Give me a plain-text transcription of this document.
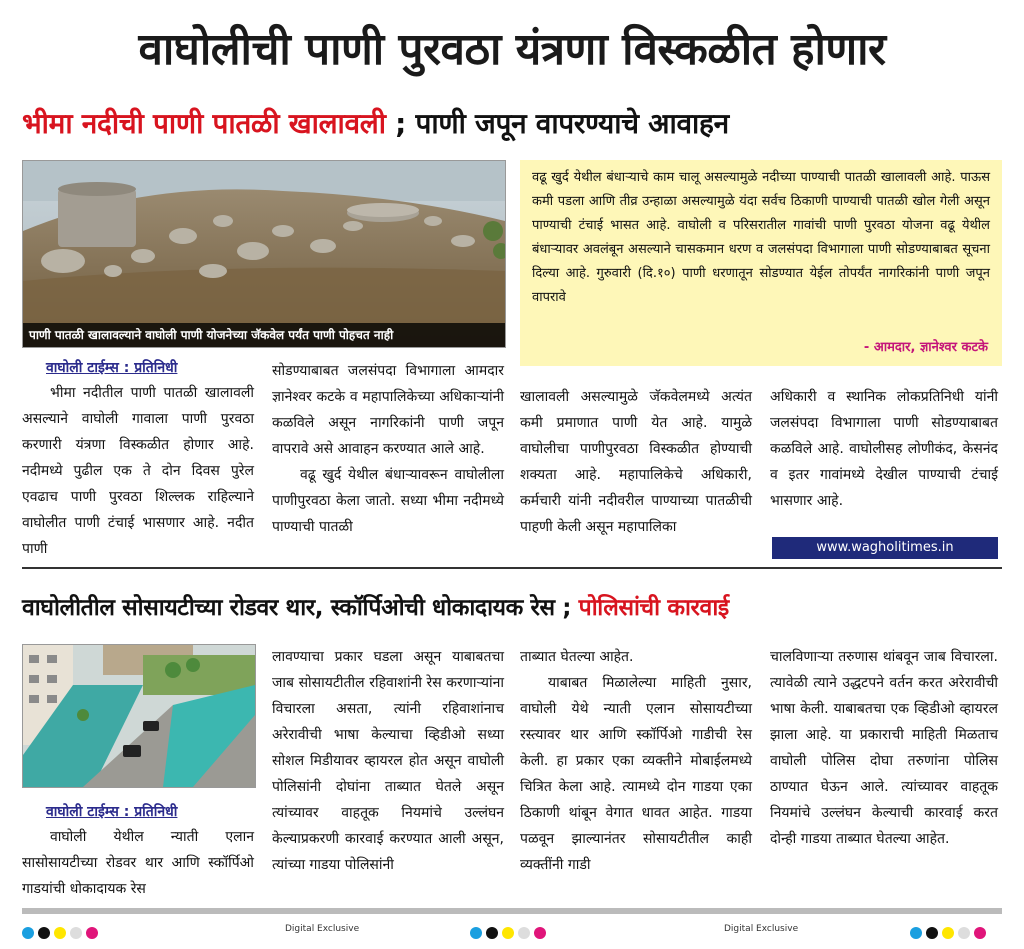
वाघोलीची पाणी पुरवठा यंत्रणा विस्कळीत होणार
भीमा नदीची पाणी पातळी खालावली ; पाणी जपून वापरण्याचे आवाहन
पाणी पातळी खालावल्याने वाघोली पाणी योजनेच्या जॅकवेल पर्यंत पाणी पोहचत नाही
वढू खुर्द येथील बंधाऱ्याचे काम चालू असल्यामुळे नदीच्या पाण्याची पातळी खालावली आहे. पाऊस कमी पडला आणि तीव्र उन्हाळा असल्यामुळे यंदा सर्वच ठिकाणी पाण्याची पातळी खोल गेली असून पाण्याची टंचाई भासत आहे. वाघोली व परिसरातील गावांची पाणी पुरवठा योजना वढू येथील बंधाऱ्यावर अवलंबून असल्याने चासकमान धरण व जलसंपदा विभागाला पाणी सोडण्याबाबत सूचना दिल्या आहे. गुरुवारी (दि.१०) पाणी धरणातून सोडण्यात येईल तोपर्यंत नागरिकांनी पाणी जपून वापरावे
- आमदार, ज्ञानेश्वर कटके
वाघोली टाईम्स : प्रतिनिधी
भीमा नदीतील पाणी पातळी खालावली असल्याने वाघोली गावाला पाणी पुरवठा करणारी यंत्रणा विस्कळीत होणार आहे. नदीमध्ये पुढील एक ते दोन दिवस पुरेल एवढाच पाणी पुरवठा शिल्लक राहिल्याने वाघोलीत पाणी टंचाई भासणार आहे. नदीत पाणी
सोडण्याबाबत जलसंपदा विभागाला आमदार ज्ञानेश्वर कटके व महापालिकेच्या अधिकाऱ्यांनी कळविले असून नागरिकांनी पाणी जपून वापरावे असे आवाहन करण्यात आले आहे.
वढू खुर्द येथील बंधाऱ्यावरून वाघोलीला पाणीपुरवठा केला जातो. सध्या भीमा नदीमध्ये पाण्याची पातळी
खालावली असल्यामुळे जॅकवेलमध्ये अत्यंत कमी प्रमाणात पाणी येत आहे. यामुळे वाघोलीचा पाणीपुरवठा विस्कळीत होण्याची शक्यता आहे. महापालिकेचे अधिकारी, कर्मचारी यांनी नदीवरील पाण्याच्या पातळीची पाहणी केली असून महापालिका
अधिकारी व स्थानिक लोकप्रतिनिधी यांनी जलसंपदा विभागाला पाणी सोडण्याबाबत कळविले आहे. वाघोलीसह लोणीकंद, केसनंद व इतर गावांमध्ये देखील पाण्याची टंचाई भासणार आहे.
www.wagholitimes.in
वाघोलीतील सोसायटीच्या रोडवर थार, स्कॉर्पिओची धोकादायक रेस ; पोलिसांची कारवाई
वाघोली टाईम्स : प्रतिनिधी
वाघोली येथील न्याती एलान सासोसायटीच्या रोडवर थार आणि स्कॉर्पिओ गाडयांची धोकादायक रेस
लावण्याचा प्रकार घडला असून याबाबतचा जाब सोसायटीतील रहिवाशांनी रेस करणाऱ्यांना विचारला असता, त्यांनी रहिवाशांनाच अरेरावीची भाषा केल्याचा व्हिडीओ सध्या सोशल मिडीयावर व्हायरल होत असून वाघोली पोलिसांनी दोघांना ताब्यात घेतले असून त्यांच्यावर वाहतूक नियमांचे उल्लंघन केल्याप्रकरणी कारवाई करण्यात आली असून, त्यांच्या गाडया पोलिसांनी
ताब्यात घेतल्या आहेत.
याबाबत मिळालेल्या माहिती नुसार, वाघोली येथे न्याती एलान सोसायटीच्या रस्त्यावर थार आणि स्कॉर्पिओ गाडीची रेस केली. हा प्रकार एका व्यक्तीने मोबाईलमध्ये चित्रित केला आहे. त्यामध्ये दोन गाडया एका ठिकाणी थांबून वेगात धावत आहेत. गाडया पळवून झाल्यानंतर सोसायटीतील काही व्यक्तींनी गाडी
चालविणाऱ्या तरुणास थांबवून जाब विचारला. त्यावेळी त्याने उद्धटपने वर्तन करत अरेरावीची भाषा केली. याबाबतचा एक व्हिडीओ व्हायरल झाला आहे. या प्रकाराची माहिती मिळताच वाघोली पोलिस दोघा तरुणांना पोलिस ठाण्यात घेऊन आले. त्यांच्यावर वाहतूक नियमांचे उल्लंघन केल्याची कारवाई करत दोन्ही गाडया ताब्यात घेतल्या आहेत.
Digital Exclusive	Digital Exclusive
